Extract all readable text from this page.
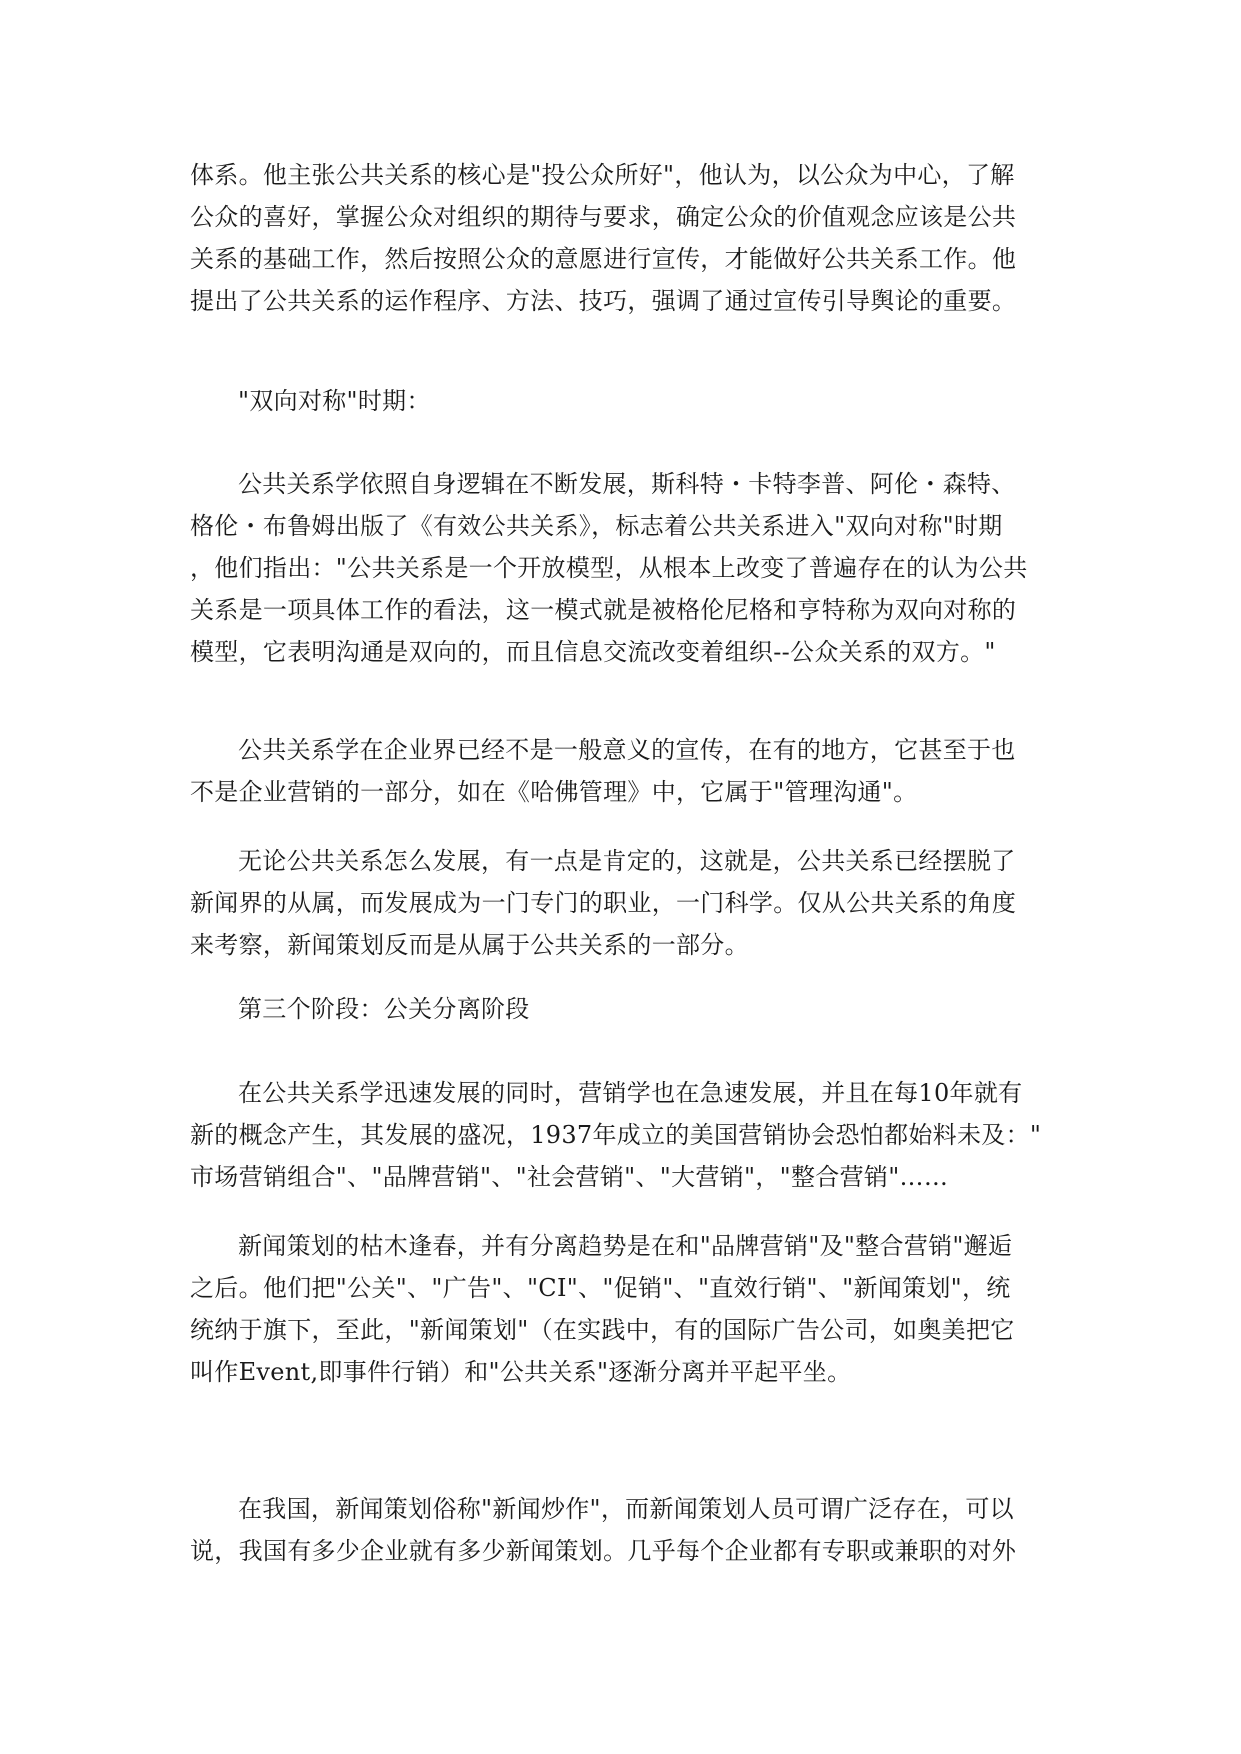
体系。他主张公共关系的核心是"投公众所好"，他认为，以公众为中心，了解
公众的喜好，掌握公众对组织的期待与要求，确定公众的价值观念应该是公共
关系的基础工作，然后按照公众的意愿进行宣传，才能做好公共关系工作。他
提出了公共关系的运作程序、方法、技巧，强调了通过宣传引导舆论的重要。

"双向对称"时期：

公共关系学依照自身逻辑在不断发展，斯科特・卡特李普、阿伦・森特、
格伦・布鲁姆出版了《有效公共关系》，标志着公共关系进入"双向对称"时期
，他们指出："公共关系是一个开放模型，从根本上改变了普遍存在的认为公共
关系是一项具体工作的看法，这一模式就是被格伦尼格和亨特称为双向对称的
模型，它表明沟通是双向的，而且信息交流改变着组织--公众关系的双方。"

公共关系学在企业界已经不是一般意义的宣传，在有的地方，它甚至于也
不是企业营销的一部分，如在《哈佛管理》中，它属于"管理沟通"。

无论公共关系怎么发展，有一点是肯定的，这就是，公共关系已经摆脱了
新闻界的从属，而发展成为一门专门的职业，一门科学。仅从公共关系的角度
来考察，新闻策划反而是从属于公共关系的一部分。

第三个阶段：公关分离阶段

在公共关系学迅速发展的同时，营销学也在急速发展，并且在每10年就有
新的概念产生，其发展的盛况，1937年成立的美国营销协会恐怕都始料未及："
市场营销组合"、"品牌营销"、"社会营销"、"大营销"，"整合营销"……

新闻策划的枯木逢春，并有分离趋势是在和"品牌营销"及"整合营销"邂逅
之后。他们把"公关"、"广告"、"CI"、"促销"、"直效行销"、"新闻策划"，统
统纳于旗下，至此，"新闻策划"（在实践中，有的国际广告公司，如奥美把它
叫作Event,即事件行销）和"公共关系"逐渐分离并平起平坐。

在我国，新闻策划俗称"新闻炒作"，而新闻策划人员可谓广泛存在，可以
说，我国有多少企业就有多少新闻策划。几乎每个企业都有专职或兼职的对外
